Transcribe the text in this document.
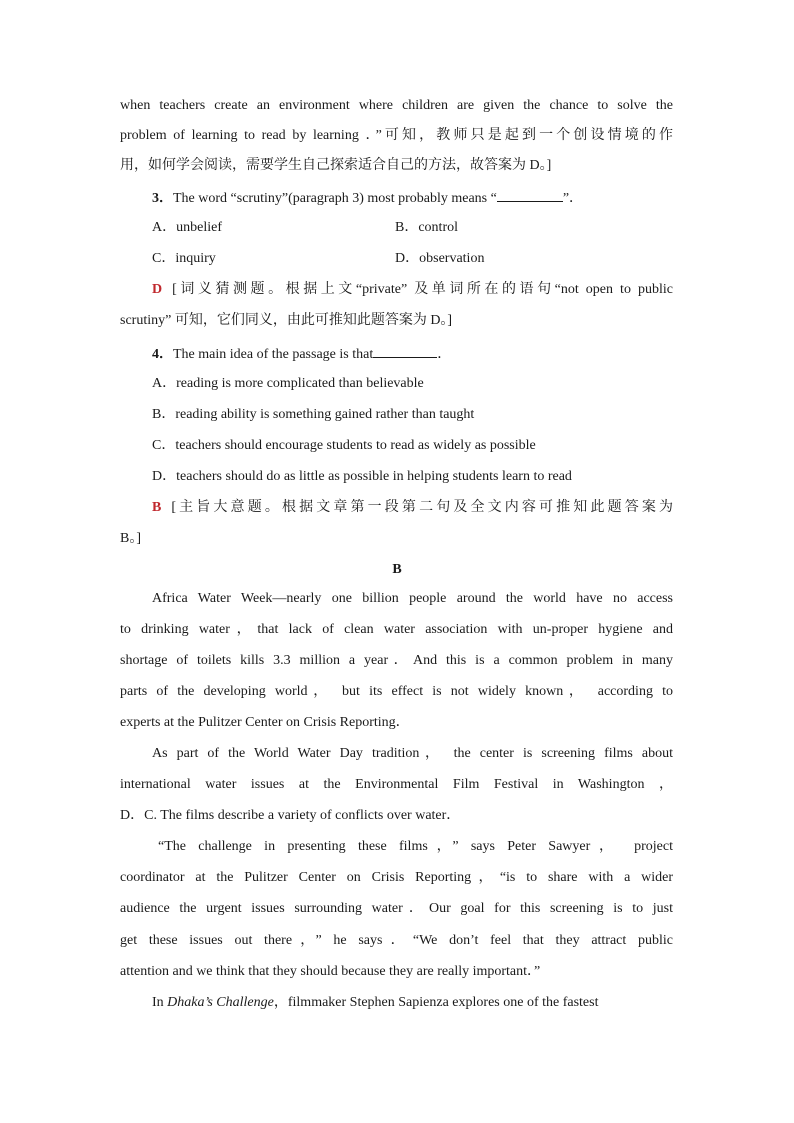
when teachers create an environment where children are given the chance to solve the
problem of learning to read by learning ．”可知，教师只是起到一个创设情境的作
用，如何学会阅读，需要学生自己探索适合自己的方法，故答案为 D。]
3．The word “scrutiny”(paragraph 3) most probably means “	”．
A．unbelief	B．control
C．inquiry	D．observation
D [词义猜测题。根据上文“private” 及单词所在的语句“not open to public
scrutiny” 可知，它们同义，由此可推知此题答案为 D。]
4．The main idea of the passage is that	．
A．reading is more complicated than believable
B．reading ability is something gained rather than taught
C．teachers should encourage students to read as widely as possible
D．teachers should do as little as possible in helping students learn to read
B [主旨大意题。根据文章第一段第二句及全文内容可推知此题答案为
B。]
B
Africa Water Week—nearly one billion people around the world have no access
to drinking water，that lack of clean water association with un-proper hygiene and
shortage of toilets kills 3.3 million a year．And this is a common problem in many
parts of the developing world， but its effect is not widely known， according to
experts at the Pulitzer Center on Crisis Reporting．
As part of the World Water Day tradition， the center is screening films about
international water issues at the Environmental Film Festival in Washington ，
D．C. The films describe a variety of conflicts over water．
“The challenge in presenting these films，” says Peter Sawyer， project
coordinator at the Pulitzer Center on Crisis Reporting，“is to share with a wider
audience the urgent issues surrounding water．Our goal for this screening is to just
get these issues out there，” he says．“We don’t feel that they attract public
attention and we think that they should because they are really important．”
In Dhaka’s Challenge，filmmaker Stephen Sapienza explores one of the fastest
